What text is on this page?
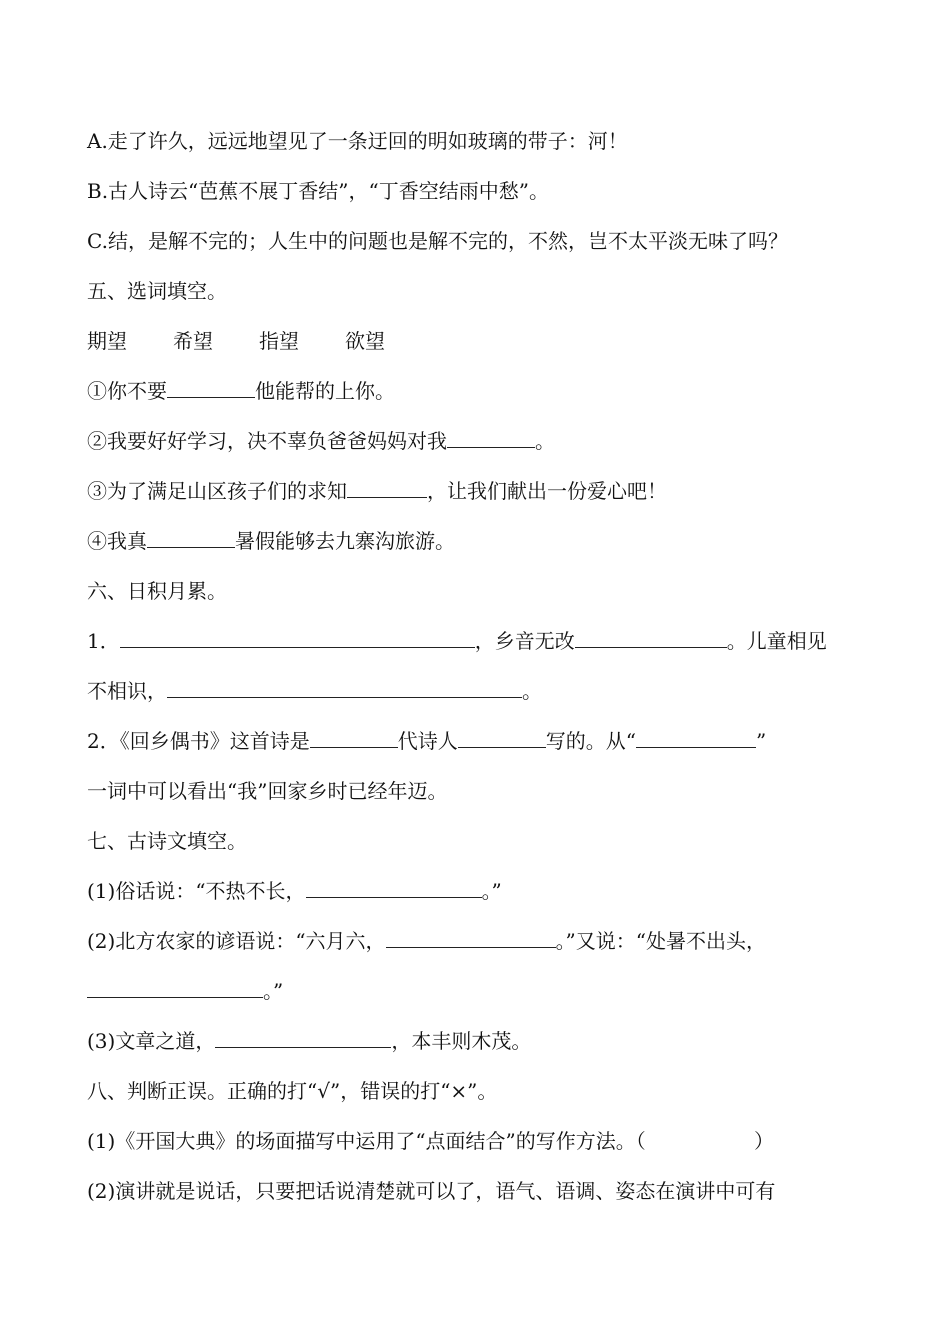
A.走了许久，远远地望见了一条迂回的明如玻璃的带子：河！
B.古人诗云“芭蕉不展丁香结”，“丁香空结雨中愁”。
C.结，是解不完的；人生中的问题也是解不完的，不然，岂不太平淡无味了吗？
五、选词填空。
期望 希望 指望 欲望
①你不要	他能帮的上你。
②我要好好学习，决不辜负爸爸妈妈对我	。
③为了满足山区孩子们的求知	，让我们献出一份爱心吧！
④我真	暑假能够去九寨沟旅游。
六、日积月累。
1．	，乡音无改	。儿童相见
不相识，	。
2．《回乡偶书》这首诗是	代诗人	写的。从“	”
一词中可以看出“我”回家乡时已经年迈。
七、古诗文填空。
(1)俗话说：“不热不长，	。”
(2)北方农家的谚语说：“六月六，	。”又说：“处暑不出头，
。”
(3)文章之道，	，本丰则木茂。
八、判断正误。正确的打“√”，错误的打“×”。
(1)《开国大典》的场面描写中运用了“点面结合”的写作方法。（	）
(2)演讲就是说话，只要把话说清楚就可以了，语气、语调、姿态在演讲中可有
